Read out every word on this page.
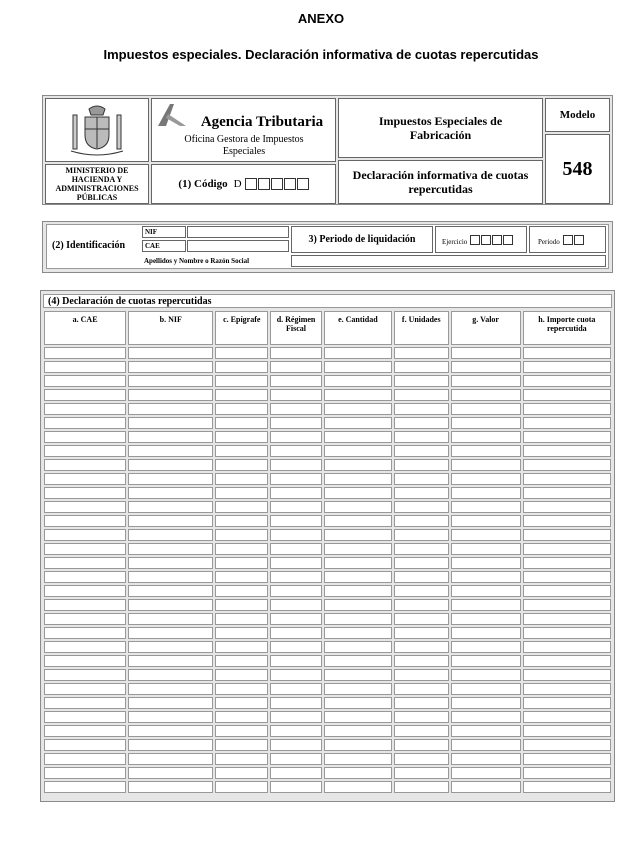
ANEXO
Impuestos especiales. Declaración informativa de cuotas repercutidas
MINISTERIO DE HACIENDA Y ADMINISTRACIONES PÚBLICAS
Agencia Tributaria
Oficina Gestora de Impuestos Especiales
(1) Código D
Impuestos Especiales de Fabricación
Declaración informativa de cuotas repercutidas
Modelo
548
(2) Identificación
NIF
CAE
Apellidos y Nombre o Razón Social
3) Periodo de liquidación	Ejercicio	Periodo
(4) Declaración de cuotas repercutidas
a. CAE	b. NIF	c. Epígrafe	d. Régimen Fiscal	e. Cantidad	f. Unidades	g. Valor	h. Importe cuota repercutida
